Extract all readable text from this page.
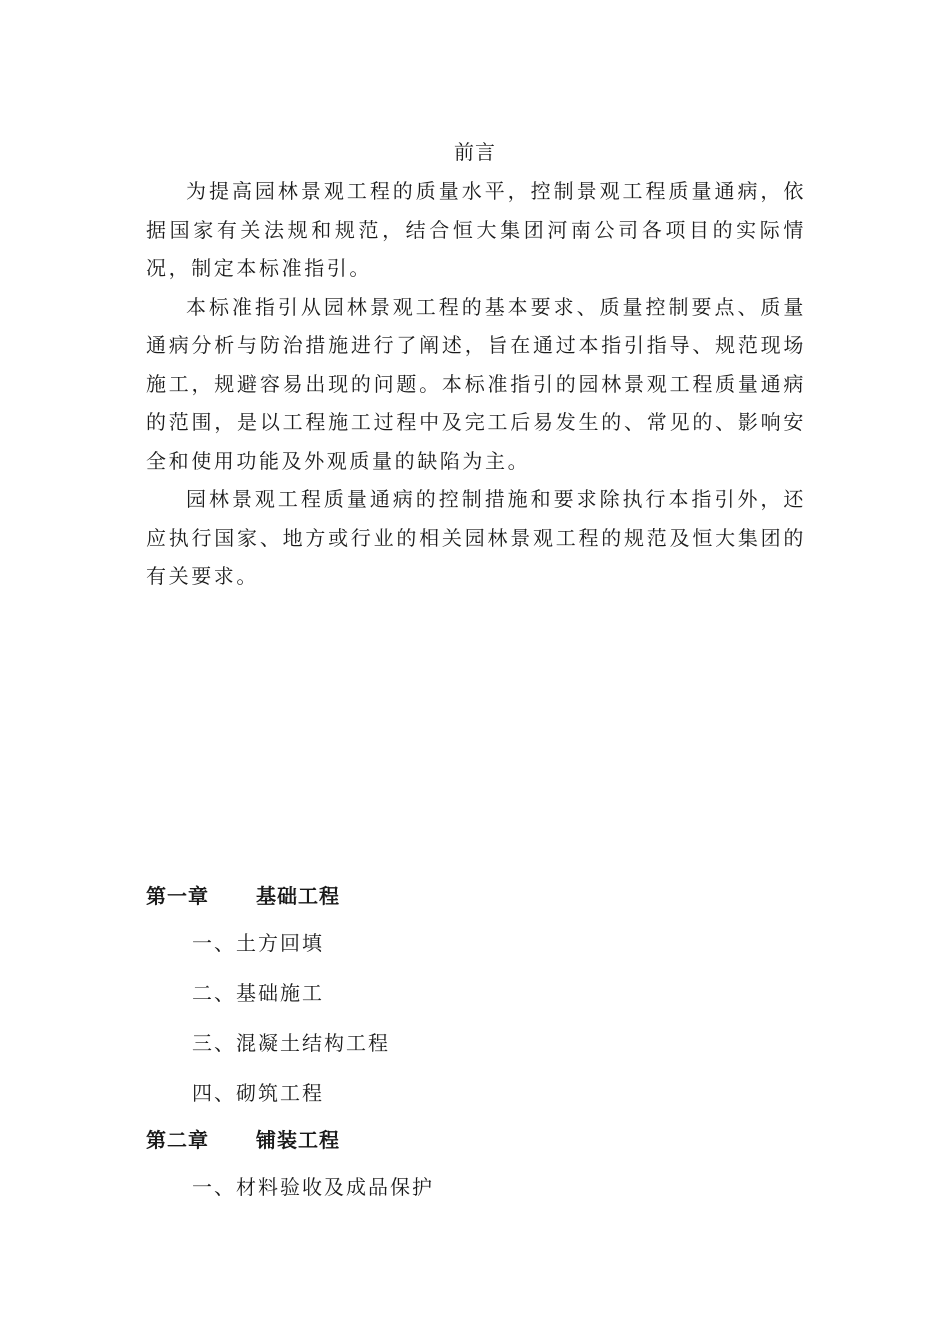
前言

为提高园林景观工程的质量水平，控制景观工程质量通病，依据国家有关法规和规范，结合恒大集团河南公司各项目的实际情况，制定本标准指引。

本标准指引从园林景观工程的基本要求、质量控制要点、质量通病分析与防治措施进行了阐述，旨在通过本指引指导、规范现场施工，规避容易出现的问题。本标准指引的园林景观工程质量通病的范围，是以工程施工过程中及完工后易发生的、常见的、影响安全和使用功能及外观质量的缺陷为主。

园林景观工程质量通病的控制措施和要求除执行本指引外，还应执行国家、地方或行业的相关园林景观工程的规范及恒大集团的有关要求。

第一章	基础工程
一、土方回填
二、基础施工
三、混凝土结构工程
四、砌筑工程
第二章	铺装工程
一、材料验收及成品保护
